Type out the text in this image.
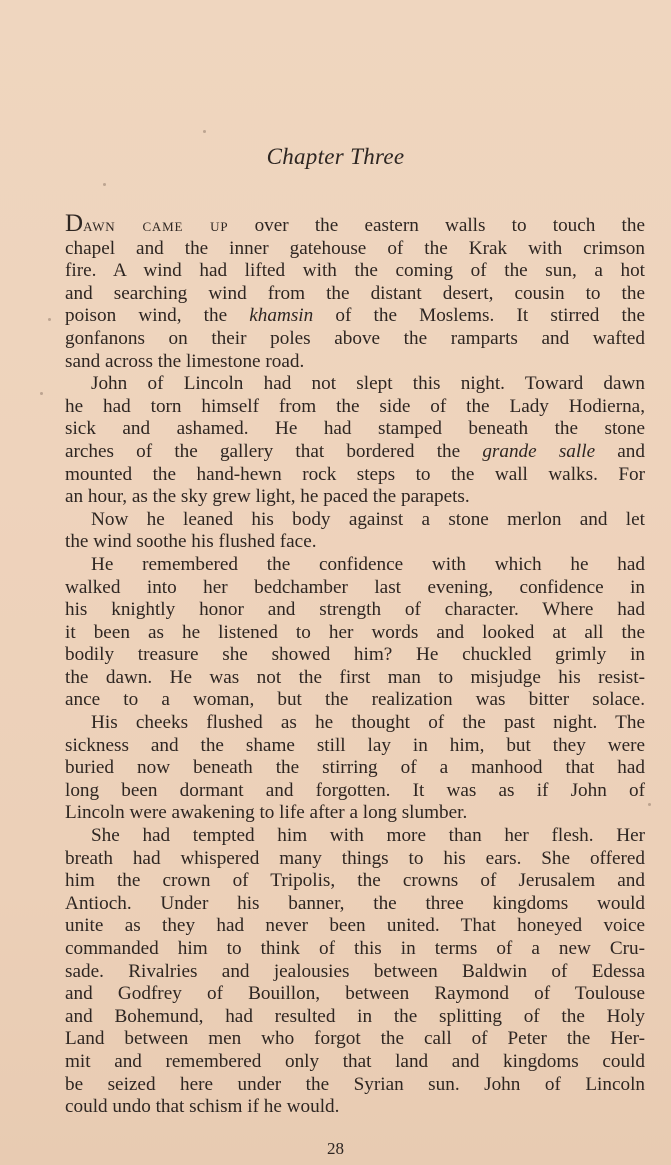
Chapter Three

Dawn came up over the eastern walls to touch the
chapel and the inner gatehouse of the Krak with crimson
fire. A wind had lifted with the coming of the sun, a hot
and searching wind from the distant desert, cousin to the
poison wind, the khamsin of the Moslems. It stirred the
gonfanons on their poles above the ramparts and wafted
sand across the limestone road.

John of Lincoln had not slept this night. Toward dawn
he had torn himself from the side of the Lady Hodierna,
sick and ashamed. He had stamped beneath the stone
arches of the gallery that bordered the grande salle and
mounted the hand-hewn rock steps to the wall walks. For
an hour, as the sky grew light, he paced the parapets.

Now he leaned his body against a stone merlon and let
the wind soothe his flushed face.

He remembered the confidence with which he had
walked into her bedchamber last evening, confidence in
his knightly honor and strength of character. Where had
it been as he listened to her words and looked at all the
bodily treasure she showed him? He chuckled grimly in
the dawn. He was not the first man to misjudge his resist-
ance to a woman, but the realization was bitter solace.

His cheeks flushed as he thought of the past night. The
sickness and the shame still lay in him, but they were
buried now beneath the stirring of a manhood that had
long been dormant and forgotten. It was as if John of
Lincoln were awakening to life after a long slumber.

She had tempted him with more than her flesh. Her
breath had whispered many things to his ears. She offered
him the crown of Tripolis, the crowns of Jerusalem and
Antioch. Under his banner, the three kingdoms would
unite as they had never been united. That honeyed voice
commanded him to think of this in terms of a new Cru-
sade. Rivalries and jealousies between Baldwin of Edessa
and Godfrey of Bouillon, between Raymond of Toulouse
and Bohemund, had resulted in the splitting of the Holy
Land between men who forgot the call of Peter the Her-
mit and remembered only that land and kingdoms could
be seized here under the Syrian sun. John of Lincoln
could undo that schism if he would.

28
